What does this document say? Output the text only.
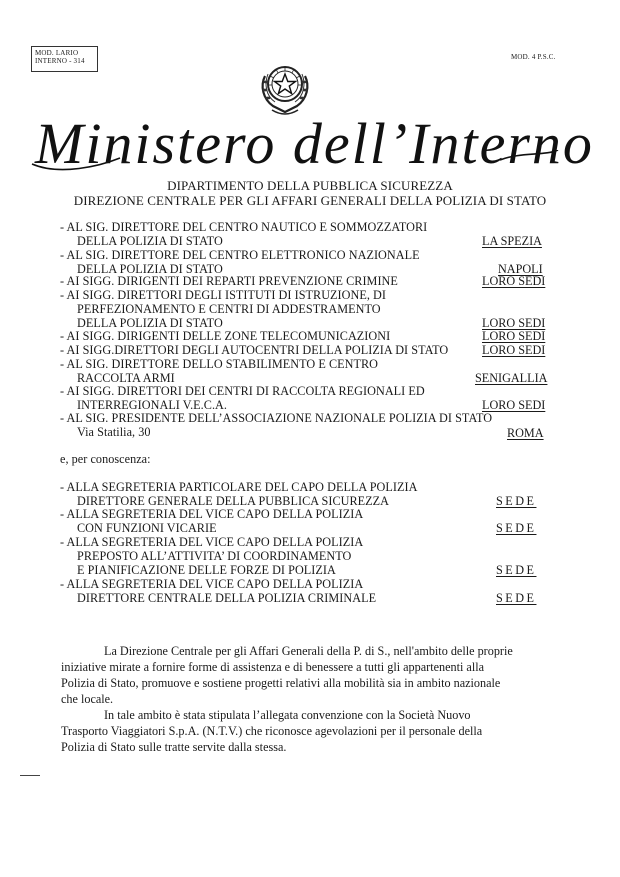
MOD. LARIO
INTERNO - 314	MOD. 4 P.S.C.
Ministero dell’Interno
DIPARTIMENTO DELLA PUBBLICA SICUREZZA
DIREZIONE CENTRALE PER GLI AFFARI GENERALI DELLA POLIZIA DI STATO
- AL SIG. DIRETTORE DEL CENTRO NAUTICO E SOMMOZZATORI
DELLA POLIZIA DI STATO	LA SPEZIA
- AL SIG. DIRETTORE DEL CENTRO ELETTRONICO NAZIONALE
DELLA POLIZIA DI STATO	NAPOLI
- AI SIGG. DIRIGENTI DEI REPARTI PREVENZIONE CRIMINE	LORO SEDI
- AI SIGG. DIRETTORI DEGLI ISTITUTI DI ISTRUZIONE, DI
PERFEZIONAMENTO E CENTRI DI ADDESTRAMENTO
DELLA POLIZIA DI STATO	LORO SEDI
- AI SIGG. DIRIGENTI DELLE ZONE TELECOMUNICAZIONI	LORO SEDI
- AI SIGG.DIRETTORI DEGLI AUTOCENTRI DELLA POLIZIA DI STATO	LORO SEDI
- AL SIG. DIRETTORE DELLO STABILIMENTO E CENTRO
RACCOLTA ARMI	SENIGALLIA
- AI SIGG. DIRETTORI DEI CENTRI DI RACCOLTA REGIONALI ED
INTERREGIONALI V.E.C.A.	LORO SEDI
- AL SIG. PRESIDENTE DELL’ASSOCIAZIONE NAZIONALE POLIZIA DI STATO
Via Statilia, 30	ROMA
e, per conoscenza:
- ALLA SEGRETERIA PARTICOLARE DEL CAPO DELLA POLIZIA
DIRETTORE GENERALE DELLA PUBBLICA SICUREZZA	SEDE
- ALLA SEGRETERIA DEL VICE CAPO DELLA POLIZIA
CON FUNZIONI VICARIE	SEDE
- ALLA SEGRETERIA DEL VICE CAPO DELLA POLIZIA
PREPOSTO ALL’ATTIVITA’ DI COORDINAMENTO
E PIANIFICAZIONE DELLE FORZE DI POLIZIA	SEDE
- ALLA SEGRETERIA DEL VICE CAPO DELLA POLIZIA
DIRETTORE CENTRALE DELLA POLIZIA CRIMINALE	SEDE
La Direzione Centrale per gli Affari Generali della P. di S., nell'ambito delle proprie
iniziative mirate a fornire forme di assistenza e di benessere a tutti gli appartenenti alla
Polizia di Stato, promuove e sostiene progetti relativi alla mobilità sia in ambito nazionale
che locale.
In tale ambito è stata stipulata l’allegata convenzione con la Società Nuovo
Trasporto Viaggiatori S.p.A. (N.T.V.) che riconosce agevolazioni per il personale della
Polizia di Stato sulle tratte servite dalla stessa.
